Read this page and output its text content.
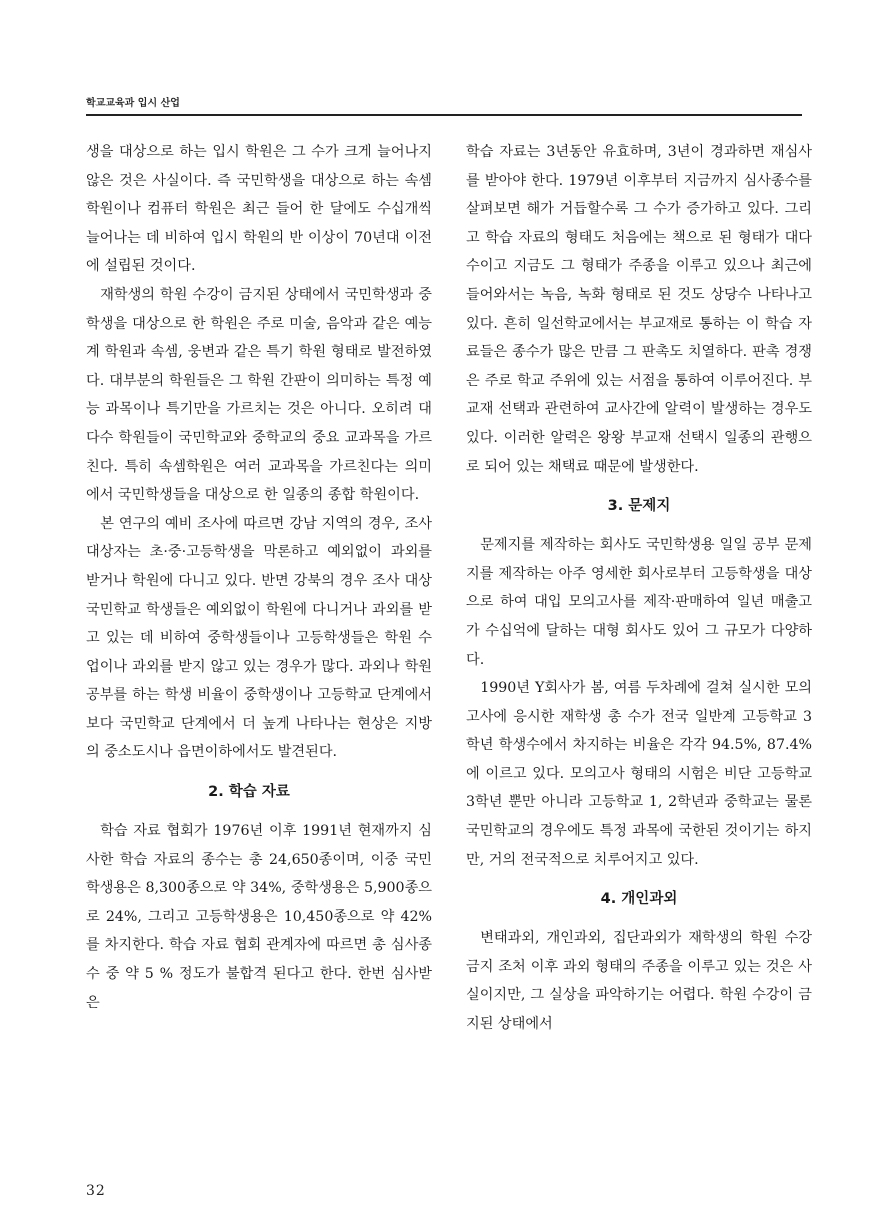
학교교육과 입시 산업

생을 대상으로 하는 입시 학원은 그 수가 크게 늘어나지 않은 것은 사실이다. 즉 국민학생을 대상으로 하는 속셈 학원이나 컴퓨터 학원은 최근 들어 한 달에도 수십개씩 늘어나는 데 비하여 입시 학원의 반 이상이 70년대 이전에 설립된 것이다.

재학생의 학원 수강이 금지된 상태에서 국민학생과 중학생을 대상으로 한 학원은 주로 미술, 음악과 같은 예능계 학원과 속셈, 웅변과 같은 특기 학원 형태로 발전하였다. 대부분의 학원들은 그 학원 간판이 의미하는 특정 예능 과목이나 특기만을 가르치는 것은 아니다. 오히려 대다수 학원들이 국민학교와 중학교의 중요 교과목을 가르친다. 특히 속셈학원은 여러 교과목을 가르친다는 의미에서 국민학생들을 대상으로 한 일종의 종합 학원이다.

본 연구의 예비 조사에 따르면 강남 지역의 경우, 조사 대상자는 초·중·고등학생을 막론하고 예외없이 과외를 받거나 학원에 다니고 있다. 반면 강북의 경우 조사 대상 국민학교 학생들은 예외없이 학원에 다니거나 과외를 받고 있는 데 비하여 중학생들이나 고등학생들은 학원 수업이나 과외를 받지 않고 있는 경우가 많다. 과외나 학원 공부를 하는 학생 비율이 중학생이나 고등학교 단계에서보다 국민학교 단계에서 더 높게 나타나는 현상은 지방의 중소도시나 읍면이하에서도 발견된다.

2. 학습 자료

학습 자료 협회가 1976년 이후 1991년 현재까지 심사한 학습 자료의 종수는 총 24,650종이며, 이중 국민학생용은 8,300종으로 약 34%, 중학생용은 5,900종으로 24%, 그리고 고등학생용은 10,450종으로 약 42%를 차지한다. 학습 자료 협회 관계자에 따르면 총 심사종수 중 약 5 % 정도가 불합격 된다고 한다. 한번 심사받은

학습 자료는 3년동안 유효하며, 3년이 경과하면 재심사를 받아야 한다. 1979년 이후부터 지금까지 심사종수를 살펴보면 해가 거듭할수록 그 수가 증가하고 있다. 그리고 학습 자료의 형태도 처음에는 책으로 된 형태가 대다수이고 지금도 그 형태가 주종을 이루고 있으나 최근에 들어와서는 녹음, 녹화 형태로 된 것도 상당수 나타나고 있다. 흔히 일선학교에서는 부교재로 통하는 이 학습 자료들은 종수가 많은 만큼 그 판촉도 치열하다. 판촉 경쟁은 주로 학교 주위에 있는 서점을 통하여 이루어진다. 부교재 선택과 관련하여 교사간에 알력이 발생하는 경우도 있다. 이러한 알력은 왕왕 부교재 선택시 일종의 관행으로 되어 있는 채택료 때문에 발생한다.

3. 문제지

문제지를 제작하는 회사도 국민학생용 일일 공부 문제지를 제작하는 아주 영세한 회사로부터 고등학생을 대상으로 하여 대입 모의고사를 제작·판매하여 일년 매출고가 수십억에 달하는 대형 회사도 있어 그 규모가 다양하다.

1990년 Y회사가 봄, 여름 두차례에 걸쳐 실시한 모의고사에 응시한 재학생 총 수가 전국 일반계 고등학교 3학년 학생수에서 차지하는 비율은 각각 94.5%, 87.4%에 이르고 있다. 모의고사 형태의 시험은 비단 고등학교 3학년 뿐만 아니라 고등학교 1, 2학년과 중학교는 물론 국민학교의 경우에도 특정 과목에 국한된 것이기는 하지만, 거의 전국적으로 치루어지고 있다.

4. 개인과외

변태과외, 개인과외, 집단과외가 재학생의 학원 수강 금지 조처 이후 과외 형태의 주종을 이루고 있는 것은 사실이지만, 그 실상을 파악하기는 어렵다. 학원 수강이 금지된 상태에서

32
